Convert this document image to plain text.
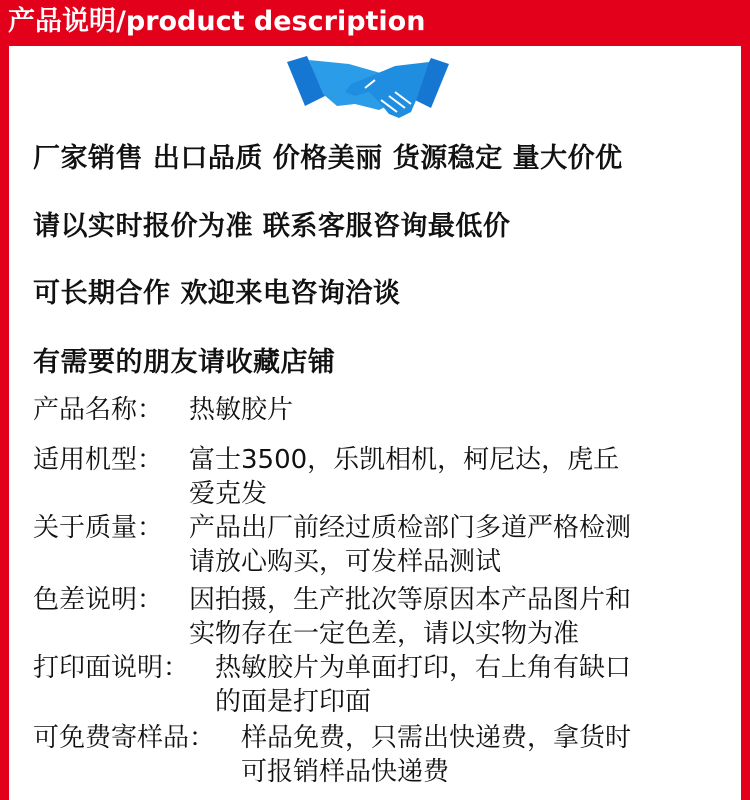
产品说明/product description
厂家销售 出口品质 价格美丽 货源稳定 量大价优
请以实时报价为准 联系客服咨询最低价
可长期合作 欢迎来电咨询洽谈
有需要的朋友请收藏店铺
产品名称： 热敏胶片
适用机型： 富士3500，乐凯相机，柯尼达，虎丘
爱克发
关于质量： 产品出厂前经过质检部门多道严格检测
请放心购买，可发样品测试
色差说明： 因拍摄，生产批次等原因本产品图片和
实物存在一定色差，请以实物为准
打印面说明： 热敏胶片为单面打印，右上角有缺口
的面是打印面
可免费寄样品： 样品免费，只需出快递费，拿货时
可报销样品快递费
